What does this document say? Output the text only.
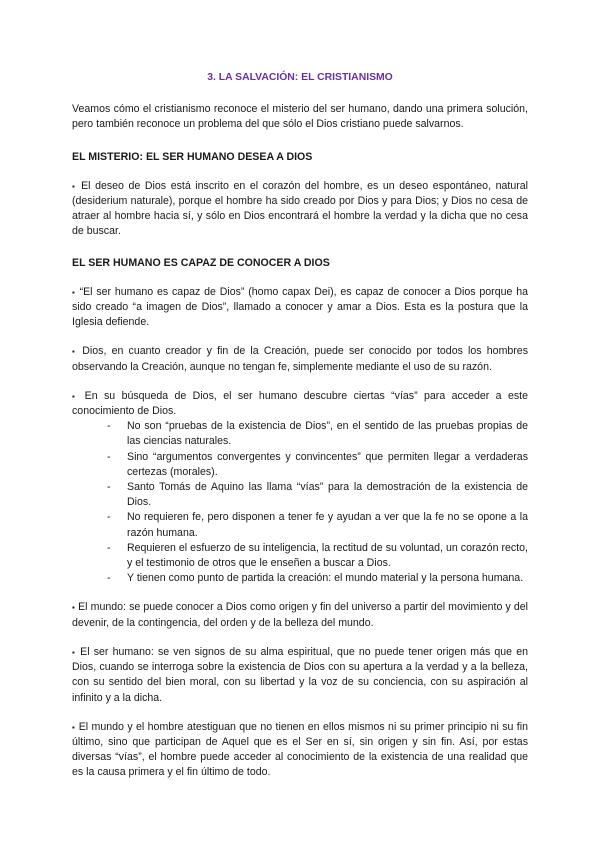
3. LA SALVACIÓN: EL CRISTIANISMO

Veamos cómo el cristianismo reconoce el misterio del ser humano, dando una primera solución, pero también reconoce un problema del que sólo el Dios cristiano puede salvarnos.

EL MISTERIO: EL SER HUMANO DESEA A DIOS

▪ El deseo de Dios está inscrito en el corazón del hombre, es un deseo espontáneo, natural (desiderium naturale), porque el hombre ha sido creado por Dios y para Dios; y Dios no cesa de atraer al hombre hacia sí, y sólo en Dios encontrará el hombre la verdad y la dicha que no cesa de buscar.

EL SER HUMANO ES CAPAZ DE CONOCER A DIOS

▪ “El ser humano es capaz de Dios” (homo capax Dei), es capaz de conocer a Dios porque ha sido creado “a imagen de Dios”, llamado a conocer y amar a Dios. Esta es la postura que la Iglesia defiende.

▪ Dios, en cuanto creador y fin de la Creación, puede ser conocido por todos los hombres observando la Creación, aunque no tengan fe, simplemente mediante el uso de su razón.

▪ En su búsqueda de Dios, el ser humano descubre ciertas “vías” para acceder a este conocimiento de Dios.

- No son “pruebas de la existencia de Dios”, en el sentido de las pruebas propias de las ciencias naturales.
- Sino “argumentos convergentes y convincentes” que permiten llegar a verdaderas certezas (morales).
- Santo Tomás de Aquino las llama “vías” para la demostración de la existencia de Dios.
- No requieren fe, pero disponen a tener fe y ayudan a ver que la fe no se opone a la razón humana.
- Requieren el esfuerzo de su inteligencia, la rectitud de su voluntad, un corazón recto, y el testimonio de otros que le enseñen a buscar a Dios.
- Y tienen como punto de partida la creación: el mundo material y la persona humana.

▪ El mundo: se puede conocer a Dios como origen y fin del universo a partir del movimiento y del devenir, de la contingencia, del orden y de la belleza del mundo.

▪ El ser humano: se ven signos de su alma espiritual, que no puede tener origen más que en Dios, cuando se interroga sobre la existencia de Dios con su apertura a la verdad y a la belleza, con su sentido del bien moral, con su libertad y la voz de su conciencia, con su aspiración al infinito y a la dicha.

▪ El mundo y el hombre atestiguan que no tienen en ellos mismos ni su primer principio ni su fin último, sino que participan de Aquel que es el Ser en sí, sin origen y sin fin. Así, por estas diversas “vías”, el hombre puede acceder al conocimiento de la existencia de una realidad que es la causa primera y el fin último de todo.
